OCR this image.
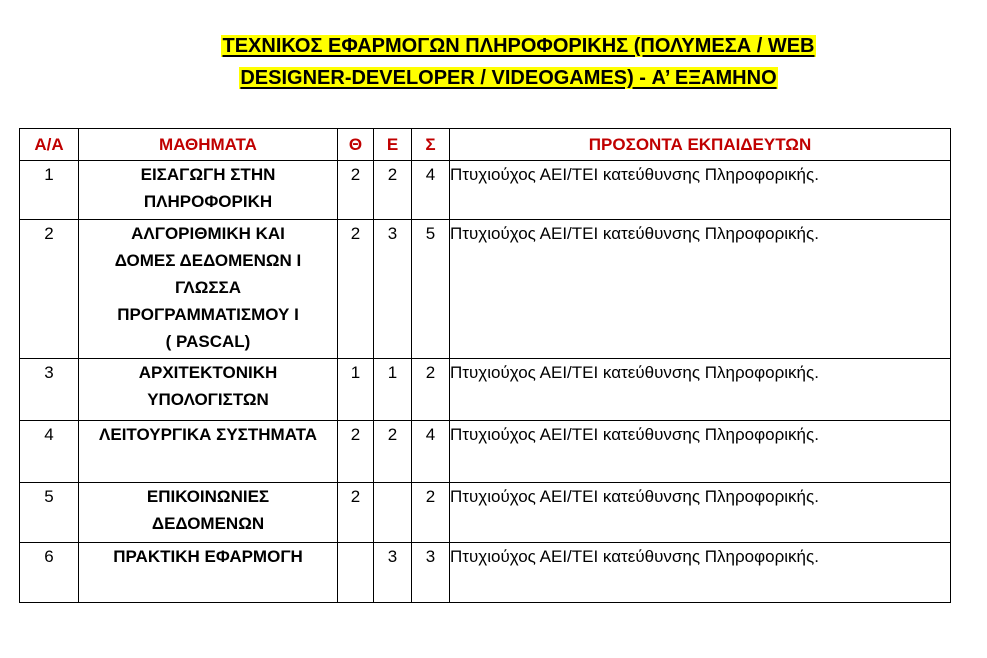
ΤΕΧΝΙΚΟΣ ΕΦΑΡΜΟΓΩΝ ΠΛΗΡΟΦΟΡΙΚΗΣ (ΠΟΛΥΜΕΣΑ / WEB
DESIGNER-DEVELOPER / VIDEOGAMES) - Α’ ΕΞΑΜΗΝΟ
Α/Α	ΜΑΘΗΜΑΤΑ	Θ	Ε	Σ	ΠΡΟΣΟΝΤΑ ΕΚΠΑΙΔΕΥΤΩΝ
1	ΕΙΣΑΓΩΓΗ ΣΤΗΝ
ΠΛΗΡΟΦΟΡΙΚΗ	2	2	4	Πτυχιούχος ΑΕΙ/ΤΕΙ κατεύθυνσης Πληροφορικής.
2	ΑΛΓΟΡΙΘΜΙΚΗ ΚΑΙ
ΔΟΜΕΣ ΔΕΔΟΜΕΝΩΝ Ι
ΓΛΩΣΣΑ
ΠΡΟΓΡΑΜΜΑΤΙΣΜΟΥ Ι
( PASCAL)	2	3	5	Πτυχιούχος ΑΕΙ/ΤΕΙ κατεύθυνσης Πληροφορικής.
3	ΑΡΧΙΤΕΚΤΟΝΙΚΗ
ΥΠΟΛΟΓΙΣΤΩΝ	1	1	2	Πτυχιούχος ΑΕΙ/ΤΕΙ κατεύθυνσης Πληροφορικής.
4	ΛΕΙΤΟΥΡΓΙΚΑ ΣΥΣΤΗΜΑΤΑ	2	2	4	Πτυχιούχος ΑΕΙ/ΤΕΙ κατεύθυνσης Πληροφορικής.
5	ΕΠΙΚΟΙΝΩΝΙΕΣ
ΔΕΔΟΜΕΝΩΝ	2		2	Πτυχιούχος ΑΕΙ/ΤΕΙ κατεύθυνσης Πληροφορικής.
6	ΠΡΑΚΤΙΚΗ ΕΦΑΡΜΟΓΗ		3	3	Πτυχιούχος ΑΕΙ/ΤΕΙ κατεύθυνσης Πληροφορικής.
